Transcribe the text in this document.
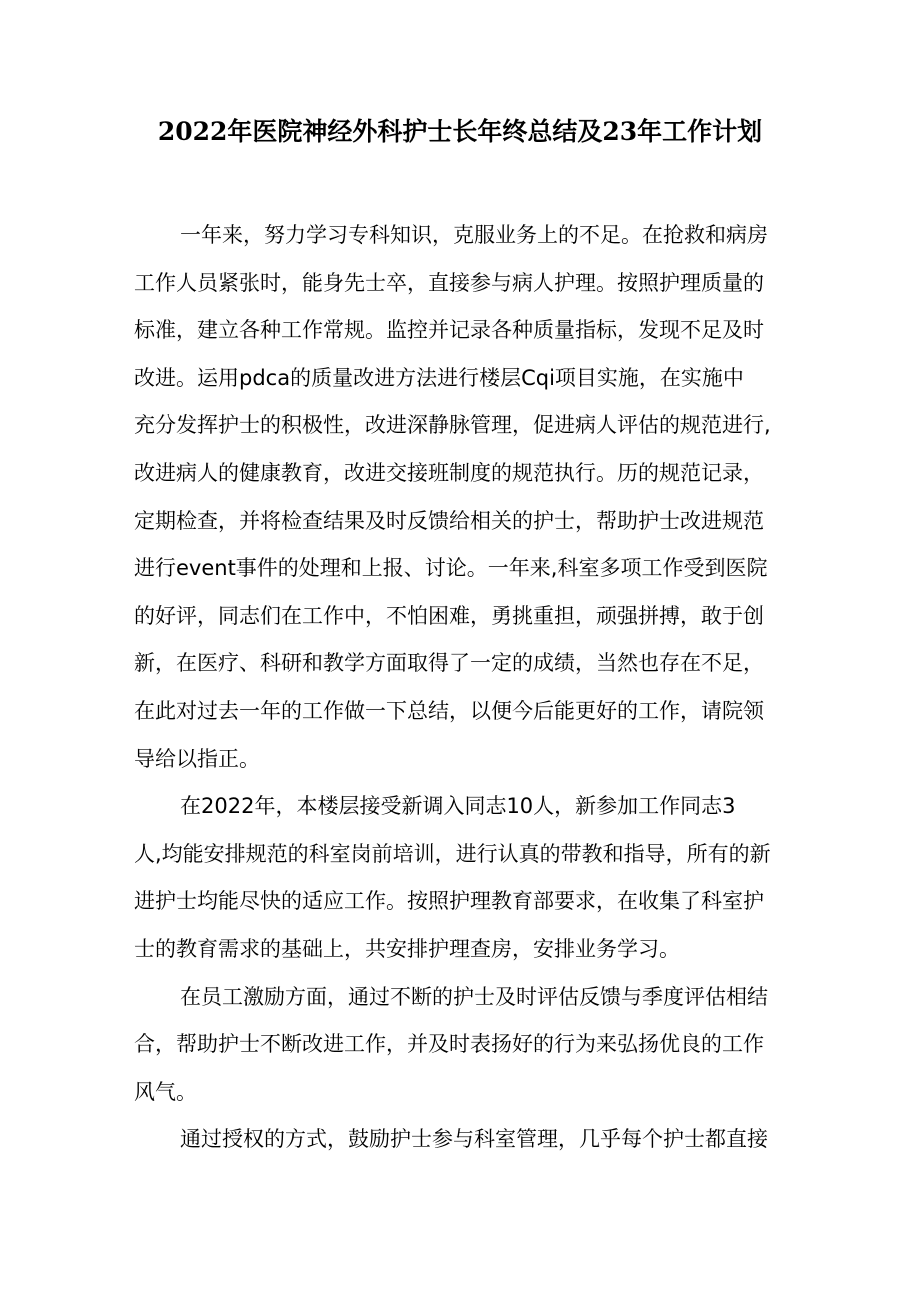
2022年医院神经外科护士长年终总结及23年工作计划
一年来，努力学习专科知识，克服业务上的不足。在抢救和病房
工作人员紧张时，能身先士卒，直接参与病人护理。按照护理质量的
标准，建立各种工作常规。监控并记录各种质量指标，发现不足及时
改进。运用pdca的质量改进方法进行楼层Cqi项目实施，在实施中
充分发挥护士的积极性，改进深静脉管理，促进病人评估的规范进行,
改进病人的健康教育，改进交接班制度的规范执行。历的规范记录，
定期检查，并将检查结果及时反馈给相关的护士，帮助护士改进规范
进行event事件的处理和上报、讨论。一年来,科室多项工作受到医院
的好评，同志们在工作中，不怕困难，勇挑重担，顽强拼搏，敢于创
新，在医疗、科研和教学方面取得了一定的成绩，当然也存在不足，
在此对过去一年的工作做一下总结，以便今后能更好的工作，请院领
导给以指正。
在2022年，本楼层接受新调入同志10人，新参加工作同志3
人,均能安排规范的科室岗前培训，进行认真的带教和指导，所有的新
进护士均能尽快的适应工作。按照护理教育部要求，在收集了科室护
士的教育需求的基础上，共安排护理查房，安排业务学习。
在员工激励方面，通过不断的护士及时评估反馈与季度评估相结
合，帮助护士不断改进工作，并及时表扬好的行为来弘扬优良的工作
风气。
通过授权的方式，鼓励护士参与科室管理，几乎每个护士都直接
